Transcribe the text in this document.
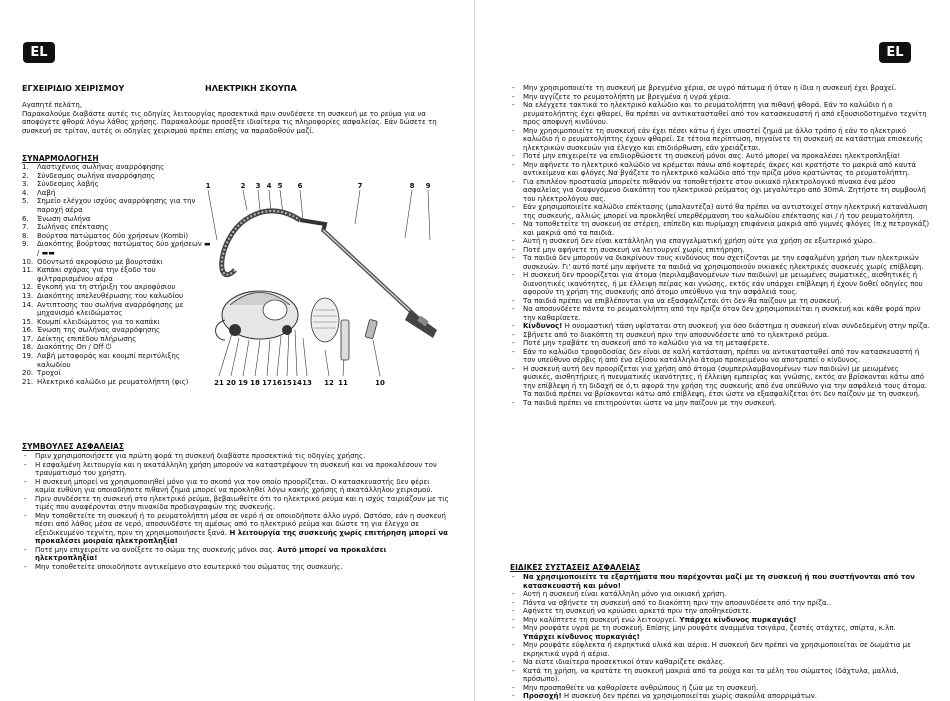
EL
ΕΓΧΕΙΡΙΔΙΟ ΧΕΙΡΙΣΜΟΥ	ΗΛΕΚΤΡΙΚΗ ΣΚΟΥΠΑ

Αγαπητέ πελάτη,

Παρακαλούμε διαβάστε αυτές τις οδηγίες λειτουργίας προσεκτικά πριν συνδέσετε τη συσκευή με το ρεύμα για να αποφύγετε φθορά λόγω λάθος χρήσης. Παρακαλούμε προσέξτε ιδιαίτερα τις πληροφορίες ασφαλείας. Εάν δώσετε τη συσκευή σε τρίτον, αυτές οι οδηγίες χειρισμού πρέπει επίσης να παραδοθούν μαζί.

ΣΥΝΑΡΜΟΛΟΓΗΣΗ
1. Λαστιχένιος σωλήνας αναρρόφησης
2. Σύνδεσμος σωλήνα αναρρόφησης
3. Σύνδεσμος λαβής
4. Λαβή
5. Σημείο ελέγχου ισχύος αναρρόφησης για την παροχή αέρα
6. Ένωση σωλήνα
7. Σωλήνας επέκτασης
8. Βούρτσα πατώματος δύο χρήσεων (Kombi)
9. Διακόπτης βούρτσας πατώματος δύο χρήσεων ▬ / ▬▬
10. Οδοντωτό ακροφύσιο με βουρτσάκι
11. Καπάκι σχάρας για την έξοδο του φιλτραρισμένου αέρα
12. Εγκοπή για τη στήριξη του ακροφύσιου
13. Διακόπτης απελευθέρωσης του καλωδίου
14. Αντιπτοσης του σωλήνα αναρρόφησης με μηχανισμό κλειδώματος
15. Κουμπί κλειδώματος για το καπάκι
16. Ένωση της σωλήνας αναρρόφησης
17. Δείκτης επιπέδου πλήρωσης
18. Διακόπτης On / Off ⏻
19. Λαβή μεταφοράς και κουμπί περιτύλιξης καλωδίου
20. Τροχοί
21. Ηλεκτρικό καλώδιο με ρευματολήπτη (φις)
1	2 3 4 5 6	7	8 9
21 20 19 18 17 16 15 14 13 12 11	10
ΣΥΜΒΟΥΛΕΣ ΑΣΦΑΛΕΙΑΣ
- Πριν χρησιμοποιήσετε για πρώτη φορά τη συσκευή διαβάστε προσεκτικά τις οδηγίες χρήσης.
- Η εσφαλμένη λειτουργία και η ακατάλληλη χρήση μπορούν να καταστρέψουν τη συσκευή και να προκαλέσουν τον τραυματισμό του χρήστη.
- Η συσκευή μπορεί να χρησιμοποιηθεί μόνο για το σκοπό για τον οποίο προορίζεται. Ο κατασκευαστής δεν φέρει καμία ευθύνη για οποιαδήποτε πιθανή ζημιά μπορεί να προκληθεί λόγω κακής χρήσης ή ακατάλληλου χειρισμού.
- Πριν συνδέσετε τη συσκευή στο ηλεκτρικό ρεύμα, βεβαιωθείτε ότι το ηλεκτρικό ρεύμα και η ισχύς ταιριάζουν με τις τιμές που αναφέρονται στην πινακίδα προδιαγραφών της συσκευής.
- Μην τοποθετείτε τη συσκευή ή το ρευματολήπτη μέσα σε νερό ή σε οποιοδήποτε άλλο υγρό. Ωστόσο, εάν η συσκευή πέσει από λάθος μέσα σε νερό, αποσυνδέστε τη αμέσως από το ηλεκτρικό ρεύμα και δώστε τη για έλεγχο σε εξειδικευμένο τεχνίτη, πριν τη χρησιμοποιήσετε ξανά. Η λειτουργία της συσκευής χωρίς επιτήρηση μπορεί να προκαλέσει μοιραία ηλεκτροπληξία!
- Ποτέ μην επιχειρείτε να ανοίξετε το σώμα της συσκευής μόνοι σας. Αυτό μπορεί να προκαλέσει ηλεκτροπληξία!
- Μην τοποθετείτε οποιοδήποτε αντικείμενο στο εσωτερικό του σώματος της συσκευής.
EL
- Μην χρησιμοποιείτε τη συσκευή με βρεγμένα χέρια, σε υγρό πάτωμα ή όταν η ίδια η συσκευή έχει βραχεί.
- Μην αγγίζετε το ρευματολήπτη με βρεγμένα ή υγρά χέρια.
- Να ελέγχετε τακτικά το ηλεκτρικό καλώδιο και το ρευματολήπτη για πιθανή φθορά. Εάν το καλώδιο ή ο ρευματολήπτης έχει φθαρεί, θα πρέπει να αντικατασταθεί από τον κατασκευαστή ή από εξουσιοδοτημένο τεχνίτη προς αποφυγή κινδύνου.
- Μην χρησιμοποιείτε τη συσκευή εάν έχει πέσει κάτω ή έχει υποστεί ζημιά με άλλο τρόπο ή εάν το ηλεκτρικό καλώδιο ή ο ρευματολήπτης έχουν φθαρεί. Σε τέτοια περίπτωση, πηγαίνετε τη συσκευή σε κατάστημα επισκευής ηλεκτρικών συσκευών για έλεγχο και επιδιόρθωση, εάν χρειάζεται.
- Ποτέ μην επιχειρείτε να επιδιορθώσετε τη συσκευή μόνοι σας. Αυτό μπορεί να προκαλέσει ηλεκτροπληξία!
- Μην αφήνετε το ηλεκτρικό καλώδιο να κρέμεται πάνω από κοφτερές άκρες και κρατήστε το μακριά από καυτά αντικείμενα και φλόγες.Να βγάζετε το ηλεκτρικό καλώδιο από την πρίζα μόνο κρατώντας το ρευματολήπτη.
- Για επιπλέον προστασία μπορείτε πιθανόν να τοποθετήσετε στον οικιακό ηλεκτρολογικό πίνακα ένα μέσο ασφαλείας για διαφυγόμενο διακόπτη του ηλεκτρικού ρεύματος όχι μεγαλύτερο από 30mA. Ζητήστε τη συμβουλή του ηλεκτρολόγου σας.
- Εάν χρησιμοποιείτε καλώδιο επέκτασης (μπαλαντέζα) αυτό θα πρέπει να αντιστοιχεί στην ηλεκτρική κατανάλωση της συσκευής, αλλιώς μπορεί να προκληθεί υπερθέρμανση του καλωδίου επέκτασης και / ή του ρευματολήπτη.
- Να τοποθετείτε τη συσκευή σε στέρεη, επίπεδη και πυρίμαχη επιφάνεια μακριά από γυμνές φλόγες (π.χ πετρογκάζ) και μακριά από τα παιδιά.
- Αυτή η συσκευή δεν είναι κατάλληλη για επαγγελματική χρήση ούτε για χρήση σε εξωτερικό χώρο.
- Ποτέ μην αφήνετε τη συσκευή να λειτουργεί χωρίς επιτήρηση.
- Τα παιδιά δεν μπορούν να διακρίνουν τους κινδύνους που σχετίζονται με την εσφαλμένη χρήση των ηλεκτρικών συσκευών. Γι' αυτό ποτέ μην αφήνετε τα παιδιά να χρησιμοποιούν οικιακές ηλεκτρικές συσκευές χωρίς επίβλεψη.
- Η συσκευή δεν προορίζεται για άτομα (περιλαμβανομένων των παιδιών) με μειωμένες σωματικές, αισθητικές ή διανοητικές ικανότητες, ή με έλλειψη πείρας και γνώσης, εκτός εάν υπάρχει επίβλεψη ή έχουν δοθεί οδηγίες που αφορούν τη χρήση της συσκευής από άτομο υπεύθυνο για την ασφάλειά τους.
- Τα παιδιά πρέπει να επιβλέπονται για να εξασφαλίζεται ότι δεν θα παίζουν με τη συσκευή.
- Να αποσυνδέετε πάντα το ρευματολήπτη από την πρίζα όταν δεν χρησιμοποιείται η συσκευή και κάθε φορά πριν την καθαρίσετε.
- Κίνδυνος! Η ονομαστική τάση υφίσταται στη συσκευή για όσο διάστημα η συσκευή είναι συνδεδεμένη στην πρίζα.
- Σβήνετε από το διακόπτη τη συσκευή πριν την αποσυνδέσετε από το ηλεκτρικό ρεύμα.
- Ποτέ μην τραβάτε τη συσκευή από το καλώδιο για να τη μεταφέρετε.
- Εάν το καλώδιο τροφοδοσίας δεν είναι σε καλή κατάσταση, πρέπει να αντικατασταθεί από τον κατασκευαστή ή τον υπεύθυνο σέρβις ή από ένα εξίσου κατάλληλο άτομο προκειμένου να αποτραπεί ο κίνδυνος.
- Η συσκευή αυτή δεν προορίζεται για χρήση από άτομα (συμπεριλαμβανομένων των παιδιών) με μειωμένες φυσικές, αισθητήριες ή πνευματικές ικανότητες, ή έλλειψη εμπειρίας και γνώσης, εκτός αν βρίσκονται κάτω από την επίβλεψη ή τη διδαχή σε ό,τι αφορά την χρήση της συσκευής από ένα υπεύθυνο για την ασφάλειά τους άτομα. Τα παιδιά πρέπει να βρίσκονται κάτω από επίβλεψη, έτσι ώστε να εξασφαλίζεται ότι δεν παίζουν με τη συσκευή.
- Τα παιδιά πρέπει να επιτηρούνται ώστε να μην παίζουν με την συσκευή.
ΕΙΔΙΚΕΣ ΣΥΣΤΑΣΕΙΣ ΑΣΦΑΛΕΙΑΣ
- Να χρησιμοποιείτε τα εξαρτήματα που παρέχονται μαζί με τη συσκευή ή που συστήνονται από τον κατασκευαστή και μόνο!
- Αυτή η συσκευή είναι κατάλληλη μόνο για οικιακή χρήση.
- Πάντα να σβήνετε τη συσκευή από το διακόπτη πριν την αποσυνδέσετε από την πρίζα..
- Αφήνετε τη συσκευή να κρυώσει αρκετά πριν την αποθηκεύσετε.
- Μην καλύπτετε τη συσκευή ενώ λειτουργεί. Υπάρχει κίνδυνος πυρκαγιάς!
- Μην ρουφάτε υγρά με τη συσκευή. Επίσης μην ρουφάτε αναμμένα τσιγάρα, ζεστές στάχτες, σπίρτα, κ.λπ.
Υπάρχει κίνδυνος πυρκαγιάς!
- Μην ρουφάτε εύφλεκτα ή εκρηκτικά υλικά και αέρια. Η συσκευή δεν πρέπει να χρησιμοποιείται σε δωμάτια με εκρηκτικά υγρά ή αέρια.
- Να είστε ιδιαίτερα προσεκτικοί όταν καθαρίζετε σκάλες.
- Κατά τη χρήση, να κρατάτε τη συσκευή μακριά από τα ρούχα και τα μέλη του σώματος (δάχτυλα, μαλλιά, πρόσωπο).
- Μην προσπαθείτε να καθαρίσετε ανθρώπους ή ζώα με τη συσκευή.
- Προσοχή! Η συσκευή δεν πρέπει να χρησιμοποιείται χωρίς σακούλα απορριμάτων.
